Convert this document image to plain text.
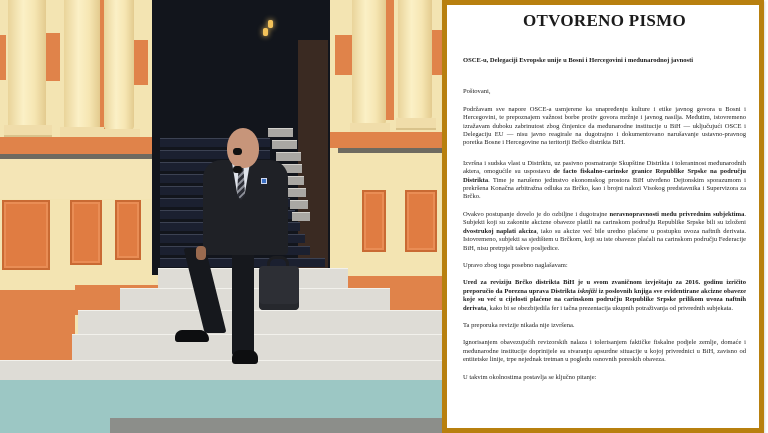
OTVORENO PISMO
OSCE-u, Delegaciji Evropske unije u Bosni i Hercegovini i međunarodnoj javnosti

Poštovani,

Podržavam sve napore OSCE-a usmjerene ka unapređenju kulture i etike javnog govora u Bosni i Hercegovini, te prepoznajem važnost borbe protiv govora mržnje i javnog nasilja. Međutim, istovremeno izražavam duboku zabrinutost zbog činjenice da međunarodne institucije u BiH — uključujući OSCE i Delegaciju EU — nisu javno reagirale na dugotrajno i dokumentovano narušavanje ustavno-pravnog poretka Bosne i Hercegovine na teritoriji Brčko distrikta BiH.

Izvršna i sudska vlast u Distriktu, uz pasivno posmatranje Skupštine Distrikta i tolerantnost međunarodnih aktera, omogućile su uspostavu de facto fiskalno-carinske granice Republike Srpske na području Distrikta. Time je narušeno jedinstvo ekonomskog prostora BiH utvrđeno Dejtonskim sporazumom i prekršena Konačna arbitražna odluka za Brčko, kao i brojni nalozi Visokog predstavnika i Supervizora za Brčko.

Ovakvo postupanje dovelo je do ozbiljne i dugotrajne neravnopravnosti među privrednim subjektima. Subjekti koji su zakonite akcizne obaveze platili na carinskom području Republike Srpske bili su izloženi dvostrukoj naplati akciza, iako su akcize već bile uredno plaćene u postupku uvoza naftnih derivata. Istovremeno, subjekti sa sjedištem u Brčkom, koji su iste obaveze plaćali na carinskom području Federacije BiH, nisu pretrpjeli takve posljedice.

Upravo zbog toga posebno naglašavam:

Ured za reviziju Brčko distrikta BiH je u svom zvaničnom izvještaju za 2016. godinu izričito preporučio da Poreznа uprava Distrikta isknjiži iz poslovnih knjiga sve evidentirane akcizne obaveze koje su već u cijelosti plaćene na carinskom području Republike Srpske prilikom uvoza naftnih derivata, kako bi se obezbijedila fer i tačna prezentacija ukupnih potraživanja od privrednih subjekata.

Ta preporuka revizije nikada nije izvršena.

Ignorisanjem obavezujućih revizorskih nalaza i tolerisanjem faktičke fiskalne podjele zemlje, domaće i međunarodne institucije doprinijele su stvaranju apsurdne situacije u kojoj privrednici u BiH, zavisno od entitetske linije, trpe nejednak tretman u pogledu osnovnih poreskih obaveza.

U takvim okolnostima postavlja se ključno pitanje:
